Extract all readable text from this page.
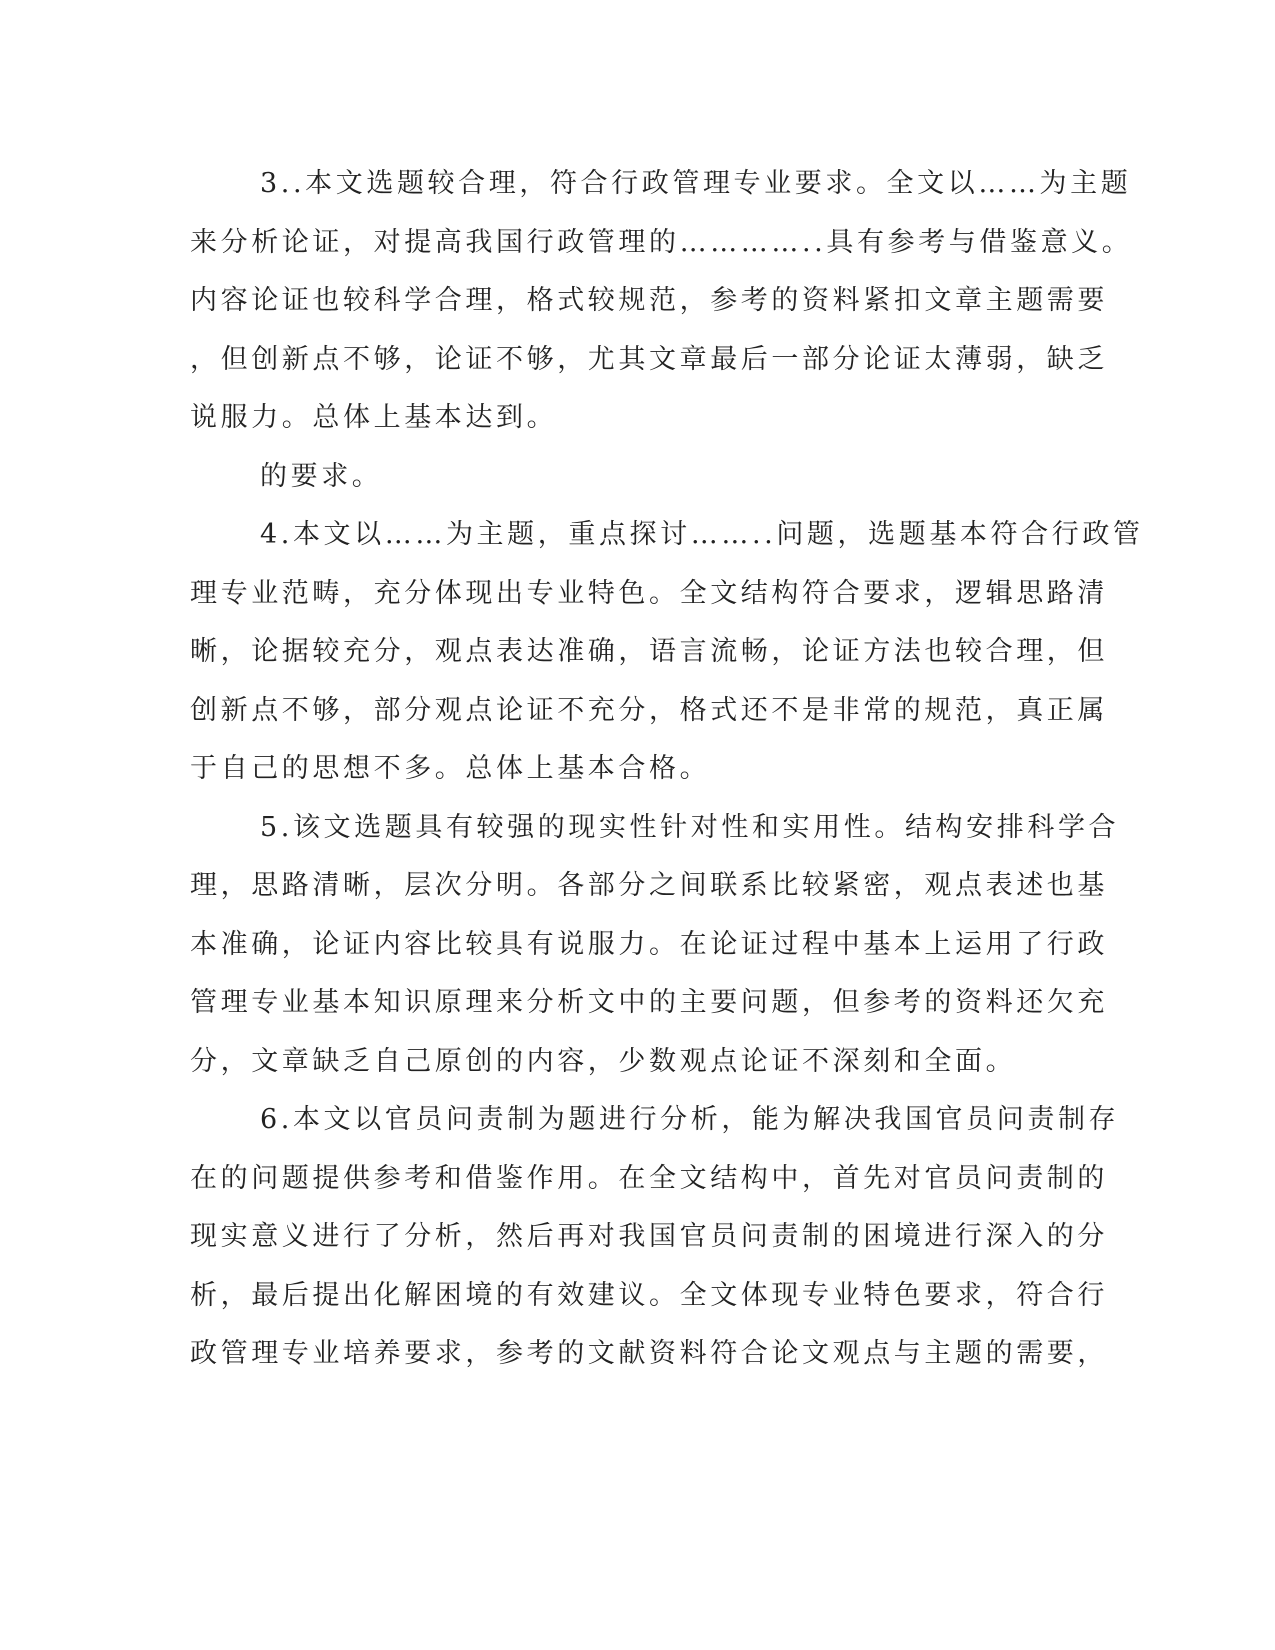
3..本文选题较合理，符合行政管理专业要求。全文以……为主题
来分析论证，对提高我国行政管理的…………..具有参考与借鉴意义。
内容论证也较科学合理，格式较规范，参考的资料紧扣文章主题需要
，但创新点不够，论证不够，尤其文章最后一部分论证太薄弱，缺乏
说服力。总体上基本达到。
的要求。
4.本文以……为主题，重点探讨……..问题，选题基本符合行政管
理专业范畴，充分体现出专业特色。全文结构符合要求，逻辑思路清
晰，论据较充分，观点表达准确，语言流畅，论证方法也较合理，但
创新点不够，部分观点论证不充分，格式还不是非常的规范，真正属
于自己的思想不多。总体上基本合格。
5.该文选题具有较强的现实性针对性和实用性。结构安排科学合
理，思路清晰，层次分明。各部分之间联系比较紧密，观点表述也基
本准确，论证内容比较具有说服力。在论证过程中基本上运用了行政
管理专业基本知识原理来分析文中的主要问题，但参考的资料还欠充
分，文章缺乏自己原创的内容，少数观点论证不深刻和全面。
6.本文以官员问责制为题进行分析，能为解决我国官员问责制存
在的问题提供参考和借鉴作用。在全文结构中，首先对官员问责制的
现实意义进行了分析，然后再对我国官员问责制的困境进行深入的分
析，最后提出化解困境的有效建议。全文体现专业特色要求，符合行
政管理专业培养要求，参考的文献资料符合论文观点与主题的需要，
